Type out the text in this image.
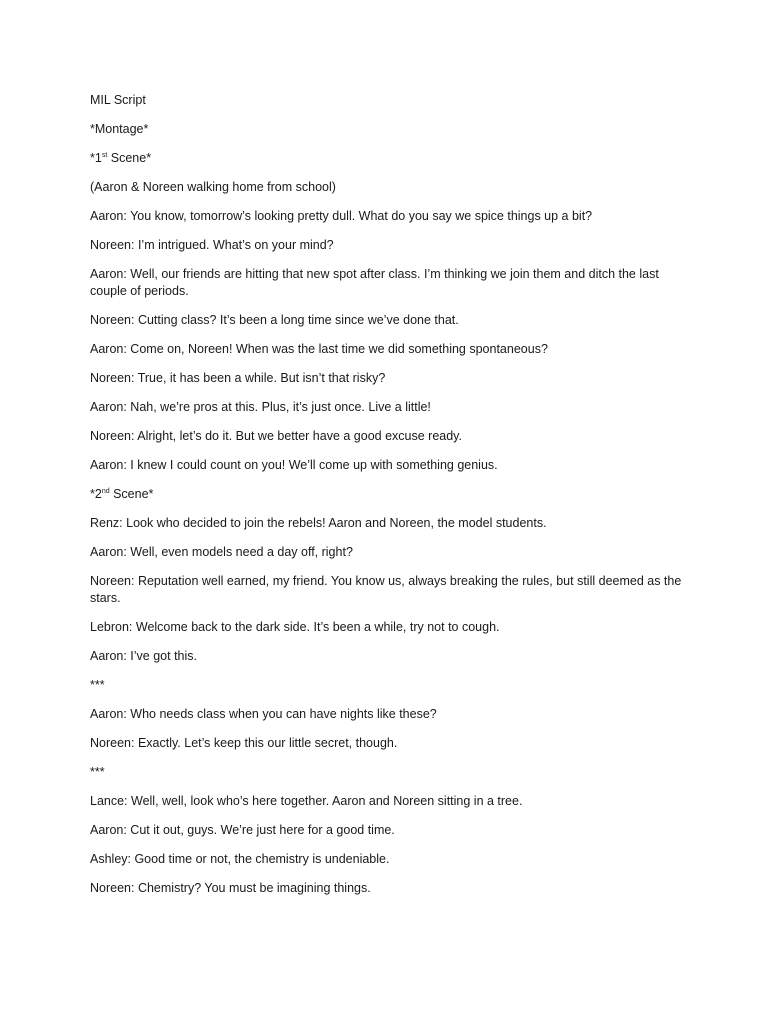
MIL Script

*Montage*

*1st Scene*

(Aaron & Noreen walking home from school)

Aaron: You know, tomorrow’s looking pretty dull. What do you say we spice things up a bit?

Noreen: I’m intrigued. What’s on your mind?

Aaron: Well, our friends are hitting that new spot after class. I’m thinking we join them and ditch the last couple of periods.

Noreen: Cutting class? It’s been a long time since we’ve done that.

Aaron: Come on, Noreen! When was the last time we did something spontaneous?

Noreen: True, it has been a while. But isn’t that risky?

Aaron: Nah, we’re pros at this. Plus, it’s just once. Live a little!

Noreen: Alright, let’s do it. But we better have a good excuse ready.

Aaron: I knew I could count on you! We’ll come up with something genius.

*2nd Scene*

Renz: Look who decided to join the rebels! Aaron and Noreen, the model students.

Aaron: Well, even models need a day off, right?

Noreen: Reputation well earned, my friend. You know us, always breaking the rules, but still deemed as the stars.

Lebron: Welcome back to the dark side. It’s been a while, try not to cough.

Aaron: I’ve got this.

***

Aaron: Who needs class when you can have nights like these?

Noreen: Exactly. Let’s keep this our little secret, though.

***

Lance: Well, well, look who’s here together. Aaron and Noreen sitting in a tree.

Aaron: Cut it out, guys. We’re just here for a good time.

Ashley: Good time or not, the chemistry is undeniable.

Noreen: Chemistry? You must be imagining things.
